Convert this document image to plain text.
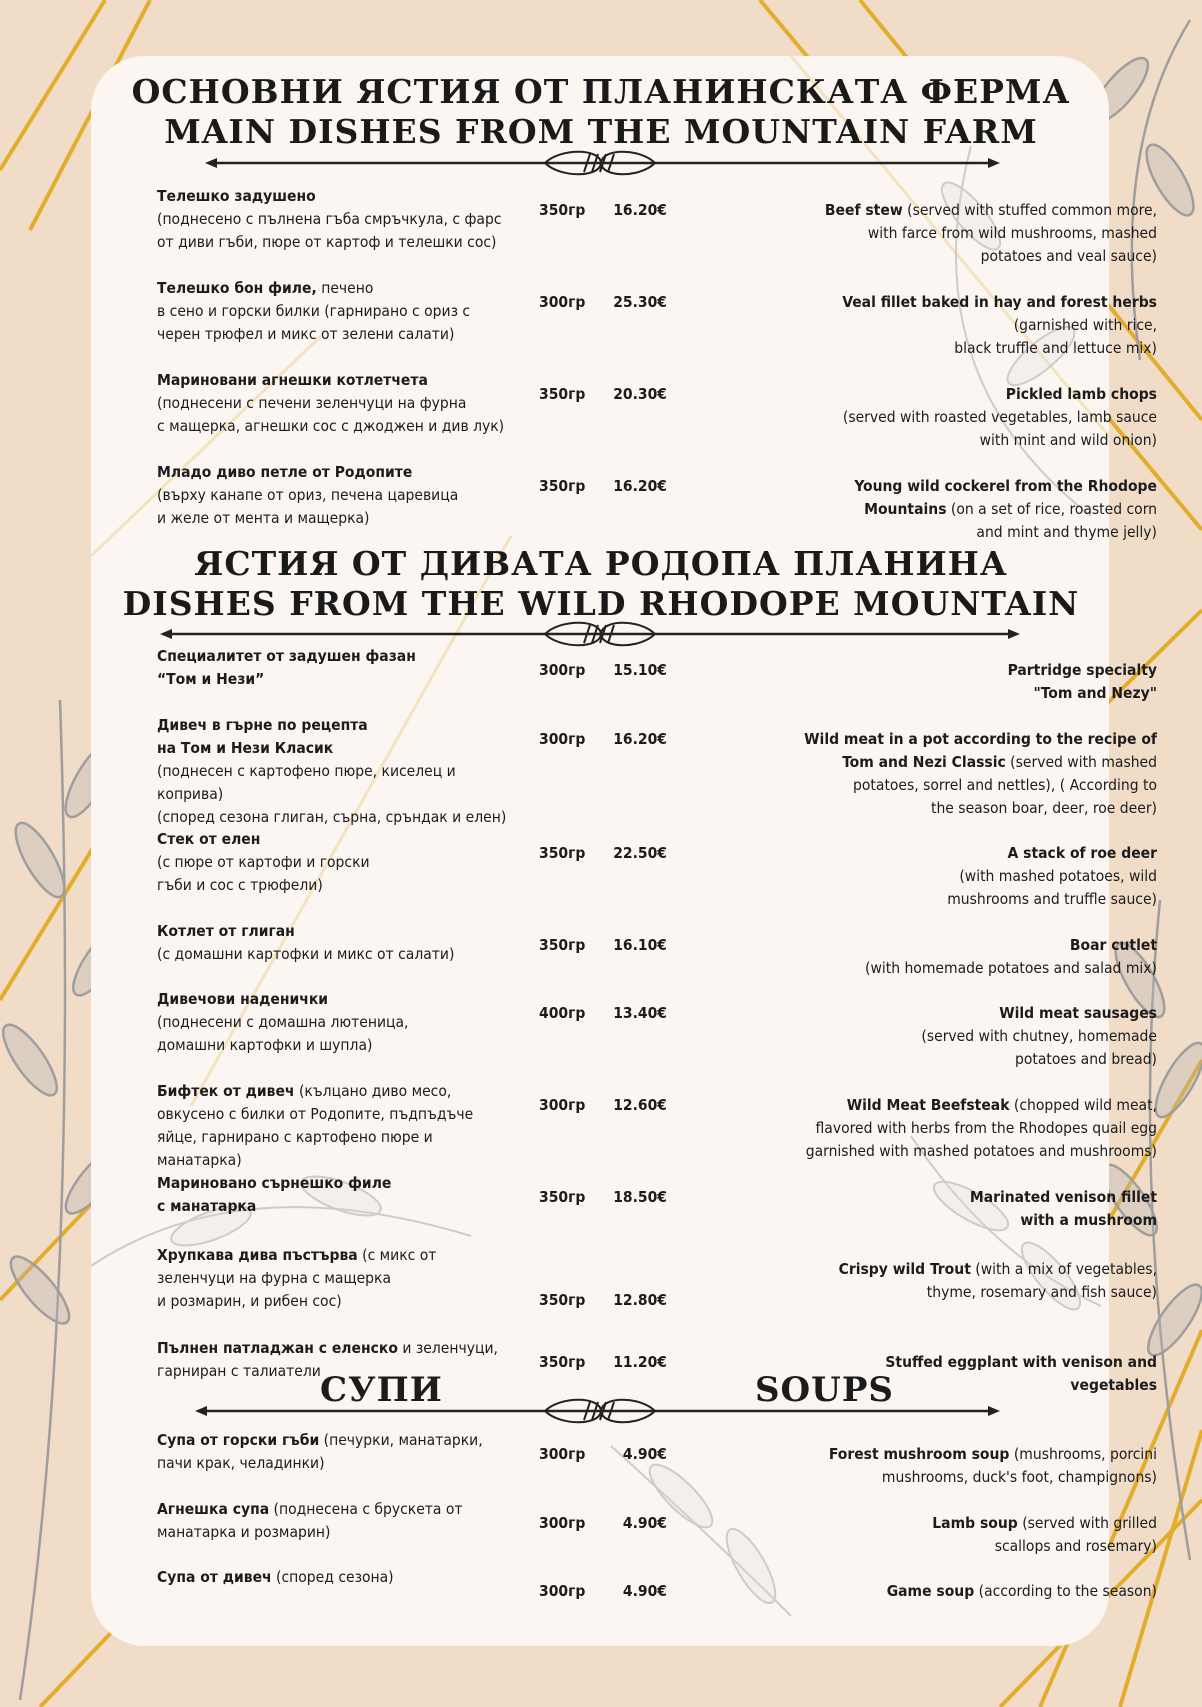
ОСНОВНИ ЯСТИЯ ОТ ПЛАНИНСКАТА ФЕРМА
MAIN DISHES FROM THE MOUNTAIN FARM
Телешко задушено
(поднесено с пълнена гъба смръчкула, с фарс
от диви гъби, пюре от картоф и телешки сос)
350гр 16.20€	Beef stew (served with stuffed common more,
with farce from wild mushrooms, mashed
potatoes and veal sauce)
Телешко бон филе, печено
в сено и горски билки (гарнирано с ориз с
черен трюфел и микс от зелени салати)
300гр 25.30€	Veal fillet baked in hay and forest herbs
(garnished with rice,
black truffle and lettuce mix)
Мариновани агнешки котлетчета
(поднесени с печени зеленчуци на фурна
с мащерка, агнешки сос с джоджен и див лук)
350гр 20.30€	Pickled lamb chops
(served with roasted vegetables, lamb sauce
with mint and wild onion)
Младо диво петле от Родопите
(върху канапе от ориз, печена царевица
и желе от мента и мащерка)
350гр 16.20€	Young wild cockerel from the Rhodope
Mountains (on a set of rice, roasted corn
and mint and thyme jelly)
ЯСТИЯ ОТ ДИВАТА РОДОПА ПЛАНИНА
DISHES FROM THE WILD RHODOPE MOUNTAIN
Специалитет от задушен фазан
“Том и Нези”	300гр 15.10€	Partridge specialty
"Tom and Nezy"
Дивеч в гърне по рецепта
на Том и Нези Класик
(поднесен с картофено пюре, киселец и коприва)
(според сезона глиган, сърна, сръндак и елен)
300гр 16.20€	Wild meat in a pot according to the recipe of
Tom and Nezi Classic (served with mashed
potatoes, sorrel and nettles), ( According to
the season boar, deer, roe deer)
Стек от елен
(с пюре от картофи и горски
гъби и сос с трюфели)
350гр 22.50€	A stack of roe deer
(with mashed potatoes, wild
mushrooms and truffle sauce)
Котлет от глиган
(с домашни картофки и микс от салати)	350гр 16.10€	Boar cutlet
(with homemade potatoes and salad mix)
Дивечови наденички
(поднесени с домашна лютеница,
домашни картофки и шупла)
400гр 13.40€	Wild meat sausages
(served with chutney, homemade
potatoes and bread)
Бифтек от дивеч (кълцано диво месо,
овкусено с билки от Родопите, пъдпъдъче
яйце, гарнирано с картофено пюре и манатарка)
300гр 12.60€	Wild Meat Beefsteak (chopped wild meat,
flavored with herbs from the Rhodopes quail egg
garnished with mashed potatoes and mushrooms)
Мариновано сърнешко филе
с манатарка	350гр 18.50€	Marinated venison fillet
with a mushroom
Хрупкава дива пъстърва (с микс от
зеленчуци на фурна с мащерка
и розмарин, и рибен сос)	350гр 12.80€
Crispy wild Trout (with a mix of vegetables,
thyme, rosemary and fish sauce)
Пълнен патладжан с еленско и зеленчуци,
гарниран с талиатели	350гр 11.20€	Stuffed eggplant with venison and vegetables
СУПИ	SOUPS
Супа от горски гъби (печурки, манатарки,
пачи крак, челадинки)	300гр	4.90€	Forest mushroom soup (mushrooms, porcini
mushrooms, duck's foot, champignons)
Агнешка супа (поднесена с брускета от
манатарка и розмарин)	300гр	4.90€	Lamb soup (served with grilled
scallops and rosemary)
Супа от дивеч (според сезона)
300гр	4.90€	Game soup (according to the season)
